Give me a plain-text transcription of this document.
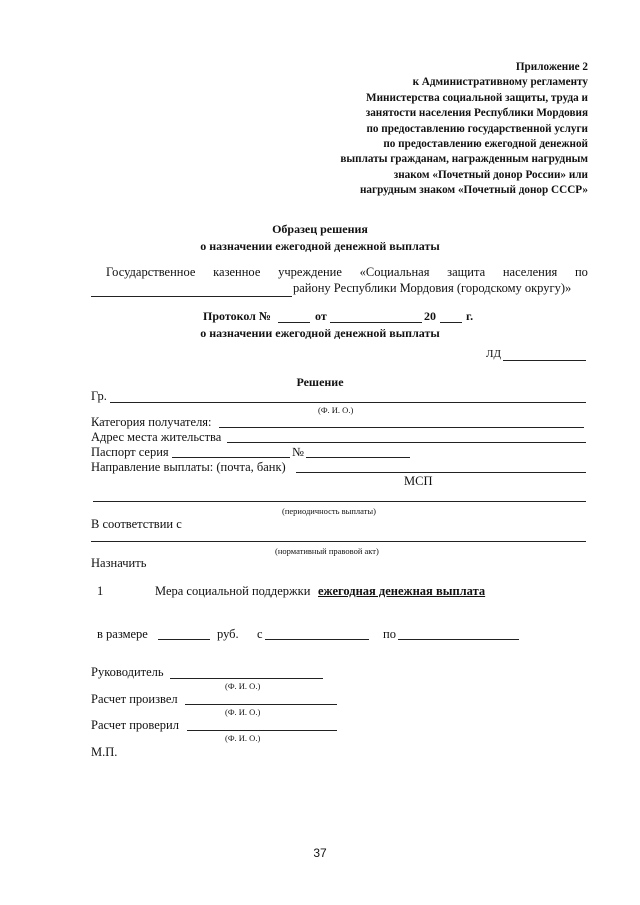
Приложение 2
к Административному регламенту
Министерства социальной защиты, труда и
занятости населения Республики Мордовия
по предоставлению государственной услуги
по предоставлению ежегодной денежной
выплаты гражданам, награжденным нагрудным
знаком «Почетный донор России» или
нагрудным знаком «Почетный донор СССР»
Образец решения
о назначении ежегодной денежной выплаты
Государственное казенное учреждение «Социальная защита населения по
району Республики Мордовия (городскому округу)»
Протокол №	от	20	г.
о назначении ежегодной денежной выплаты
ЛД
Решение
Гр.
(Ф. И. О.)
Категория получателя:
Адрес места жительства
Паспорт серия	№
Направление выплаты: (почта, банк)
МСП
(периодичность выплаты)
В соответствии с
(нормативный правовой акт)
Назначить
1	Мера социальной поддержки ежегодная денежная выплата
в размере	руб. с	по
Руководитель
(Ф. И. О.)
Расчет произвел
(Ф. И. О.)
Расчет проверил
(Ф. И. О.)
М.П.
37
